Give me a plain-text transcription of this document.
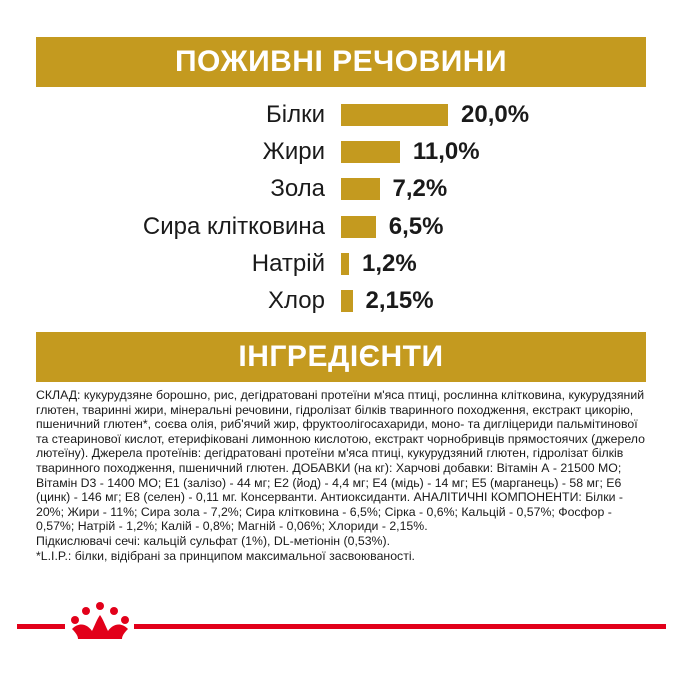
ПОЖИВНІ РЕЧОВИНИ
Білки	20,0%
Жири	11,0%
Зола	7,2%
Сира клітковина	6,5%
Натрій 1,2%
Хлор 2,15%
ІНГРЕДІЄНТИ

СКЛАД: кукурудзяне борошно, рис, дегідратовані протеїни м'яса птиці, рослинна клітковина, кукурудзяний глютен, тваринні жири, мінеральні речовини, гідролізат білків тваринного походження, екстракт цикорію, пшеничний глютен*, соєва олія, риб'ячий жир, фруктоолігосахариди, моно- та дигліцериди пальмітинової та стеаринової кислот, етерифіковані лимонною кислотою, екстракт чорнобривців прямостоячих (джерело лютеїну). Джерела протеїнів: дегідратовані протеїни м'яса птиці, кукурудзяний глютен, гідролізат білків тваринного походження, пшеничний глютен. ДОБАВКИ (на кг): Харчові добавки: Вітамін А - 21500 МО; Вітамін D3 - 1400 МО; Е1 (залізо) - 44 мг; Е2 (йод) - 4,4 мг; Е4 (мідь) - 14 мг; Е5 (марганець) - 58 мг; Е6 (цинк) - 146 мг; Е8 (селен) - 0,11 мг. Консерванти. Антиоксиданти. АНАЛІТИЧНІ КОМПОНЕНТИ: Білки - 20%; Жири - 11%; Сира зола - 7,2%; Сира клітковина - 6,5%; Сірка - 0,6%; Кальцій - 0,57%; Фосфор - 0,57%; Натрій - 1,2%; Калій - 0,8%; Магній - 0,06%; Хлориди - 2,15%.

Підкислювачі сечі: кальцій сульфат (1%), DL-метіонін (0,53%).

*L.I.P.: білки, відібрані за принципом максимальної засвоюваності.
